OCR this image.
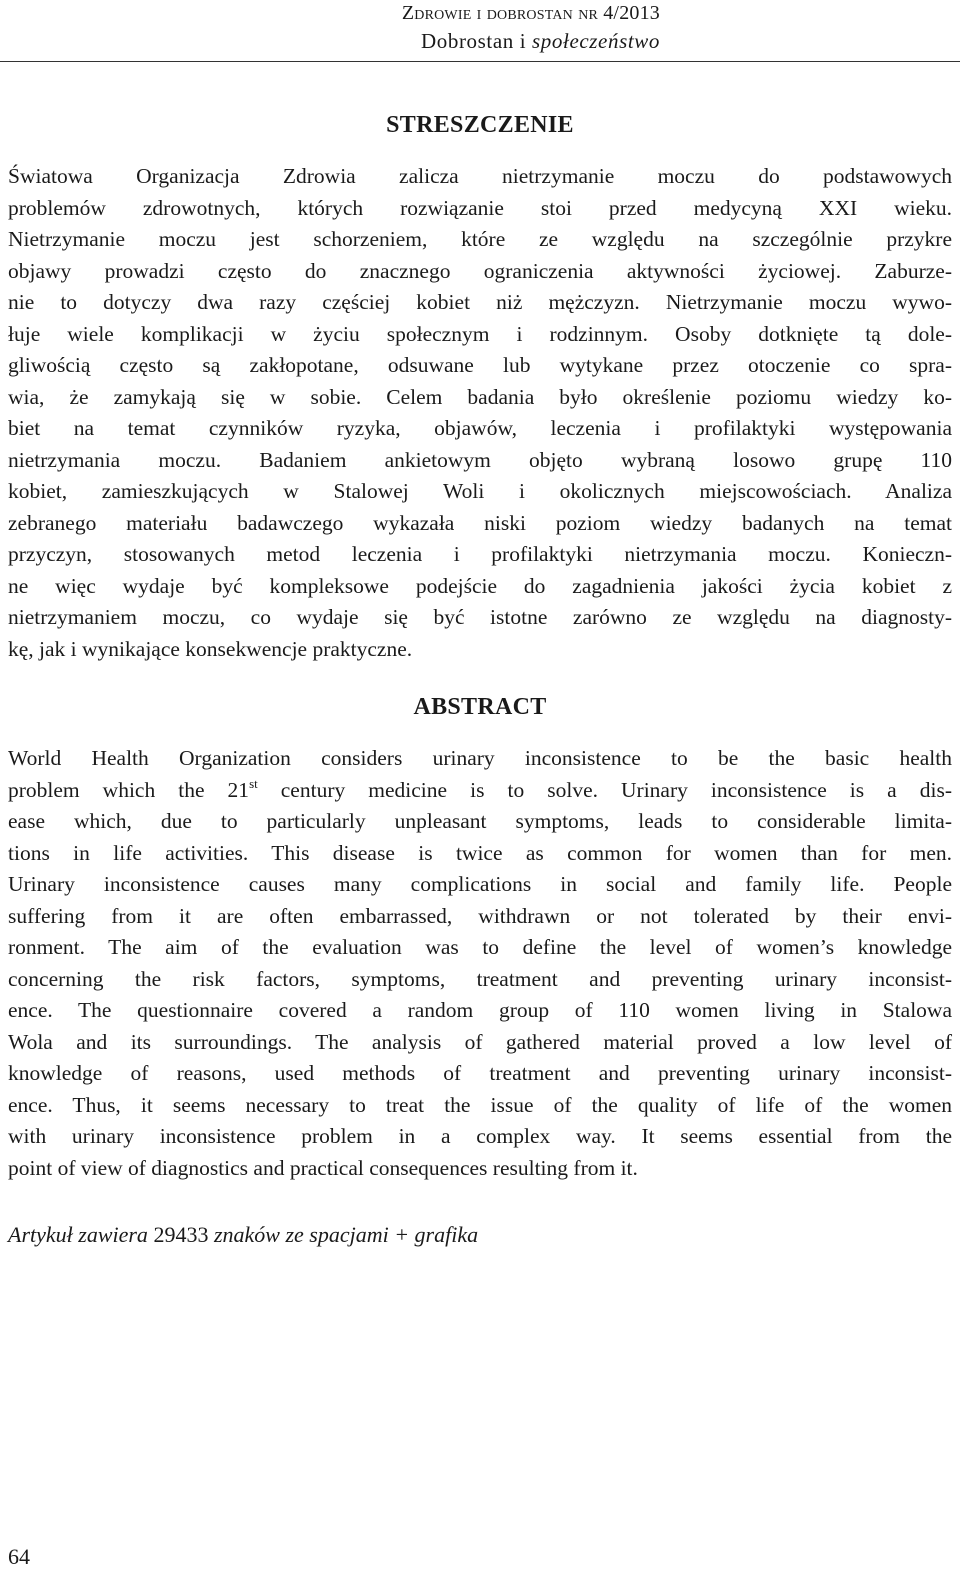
Zdrowie i dobrostan nr 4/2013
Dobrostan i społeczeństwo
STRESZCZENIE
Światowa Organizacja Zdrowia zalicza nietrzymanie moczu do podstawowych
problemów zdrowotnych, których rozwiązanie stoi przed medycyną XXI wieku.
Nietrzymanie moczu jest schorzeniem, które ze względu na szczególnie przykre
objawy prowadzi często do znacznego ograniczenia aktywności życiowej. Zaburze-
nie to dotyczy dwa razy częściej kobiet niż mężczyzn. Nietrzymanie moczu wywo-
łuje wiele komplikacji w życiu społecznym i rodzinnym. Osoby dotknięte tą dole-
gliwością często są zakłopotane, odsuwane lub wytykane przez otoczenie co spra-
wia, że zamykają się w sobie. Celem badania było określenie poziomu wiedzy ko-
biet na temat czynników ryzyka, objawów, leczenia i profilaktyki występowania
nietrzymania moczu. Badaniem ankietowym objęto wybraną losowo grupę 110
kobiet, zamieszkujących w Stalowej Woli i okolicznych miejscowościach. Analiza
zebranego materiału badawczego wykazała niski poziom wiedzy badanych na temat
przyczyn, stosowanych metod leczenia i profilaktyki nietrzymania moczu. Konieczn-
ne więc wydaje być kompleksowe podejście do zagadnienia jakości życia kobiet z
nietrzymaniem moczu, co wydaje się być istotne zarówno ze względu na diagnosty-
kę, jak i wynikające konsekwencje praktyczne.
ABSTRACT
World Health Organization considers urinary inconsistence to be the basic health
problem which the 21st century medicine is to solve. Urinary inconsistence is a dis-
ease which, due to particularly unpleasant symptoms, leads to considerable limita-
tions in life activities. This disease is twice as common for women than for men.
Urinary inconsistence causes many complications in social and family life. People
suffering from it are often embarrassed, withdrawn or not tolerated by their envi-
ronment. The aim of the evaluation was to define the level of women’s knowledge
concerning the risk factors, symptoms, treatment and preventing urinary inconsist-
ence. The questionnaire covered a random group of 110 women living in Stalowa
Wola and its surroundings. The analysis of gathered material proved a low level of
knowledge of reasons, used methods of treatment and preventing urinary inconsist-
ence. Thus, it seems necessary to treat the issue of the quality of life of the women
with urinary inconsistence problem in a complex way. It seems essential from the
point of view of diagnostics and practical consequences resulting from it.
Artykuł zawiera 29433 znaków ze spacjami + grafika
64
